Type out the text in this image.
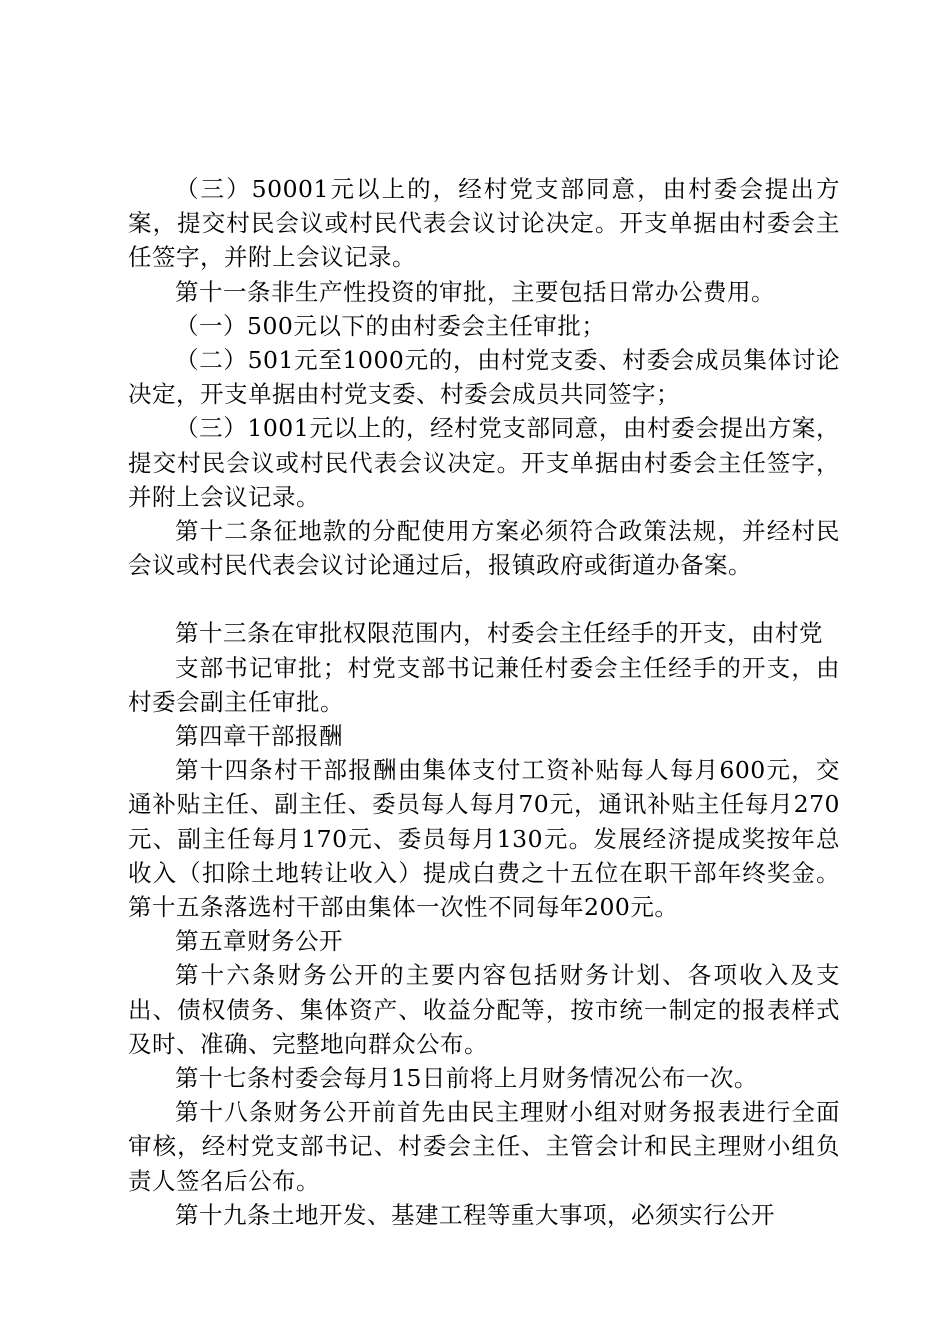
（三）50001元以上的，经村党支部同意，由村委会提出方案，提交村民会议或村民代表会议讨论决定。开支单据由村委会主任签字，并附上会议记录。

第十一条非生产性投资的审批，主要包括日常办公费用。

（一）500元以下的由村委会主任审批；

（二）501元至1000元的，由村党支委、村委会成员集体讨论决定，开支单据由村党支委、村委会成员共同签字；

（三）1001元以上的，经村党支部同意，由村委会提出方案，提交村民会议或村民代表会议决定。开支单据由村委会主任签字，并附上会议记录。

第十二条征地款的分配使用方案必须符合政策法规，并经村民会议或村民代表会议讨论通过后，报镇政府或街道办备案。

第十三条在审批权限范围内，村委会主任经手的开支，由村党

支部书记审批；村党支部书记兼任村委会主任经手的开支，由村委会副主任审批。

第四章干部报酬

第十四条村干部报酬由集体支付工资补贴每人每月600元，交通补贴主任、副主任、委员每人每月70元，通讯补贴主任每月270元、副主任每月170元、委员每月130元。发展经济提成奖按年总收入（扣除土地转让收入）提成白费之十五位在职干部年终奖金。第十五条落选村干部由集体一次性不同每年200元。

第五章财务公开

第十六条财务公开的主要内容包括财务计划、各项收入及支出、债权债务、集体资产、收益分配等，按市统一制定的报表样式及时、准确、完整地向群众公布。

第十七条村委会每月15日前将上月财务情况公布一次。

第十八条财务公开前首先由民主理财小组对财务报表进行全面审核，经村党支部书记、村委会主任、主管会计和民主理财小组负责人签名后公布。

第十九条土地开发、基建工程等重大事项，必须实行公开
